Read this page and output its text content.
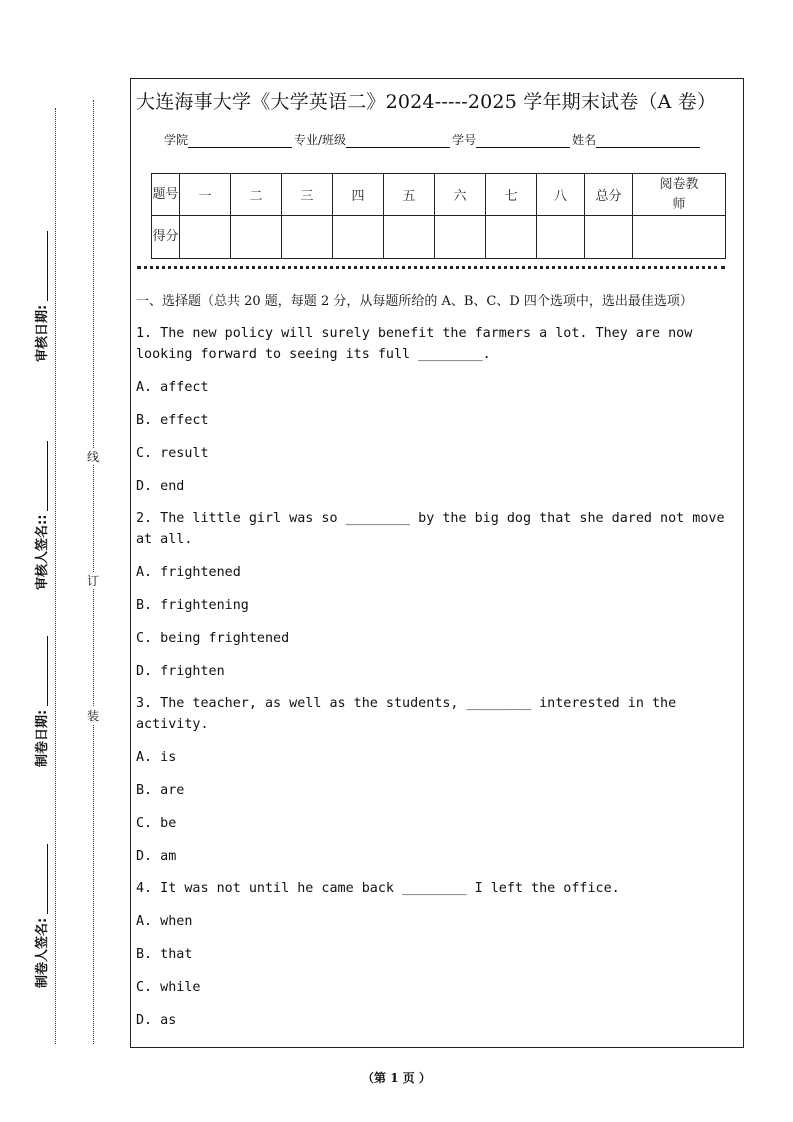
审核日期:
审核人签名::
制卷日期:
制卷人签名:
线
订
装
大连海事大学《大学英语二》2024-----2025 学年期末试卷（A 卷）
学院	专业/班级	学号	姓名
题号	一	二	三	四	五	六	七	八	总分	阅卷教师
得分										

一、选择题（总共 20 题，每题 2 分，从每题所给的 A、B、C、D 四个选项中，选出最佳选项）

1. The new policy will surely benefit the farmers a lot. They are now looking forward to seeing its full ________.
A. affect
B. effect
C. result
D. end
2. The little girl was so ________ by the big dog that she dared not move at all.
A. frightened
B. frightening
C. being frightened
D. frighten
3. The teacher, as well as the students, ________ interested in the activity.
A. is
B. are
C. be
D. am
4. It was not until he came back ________ I left the office.
A. when
B. that
C. while
D. as
（第 1 页 ）
